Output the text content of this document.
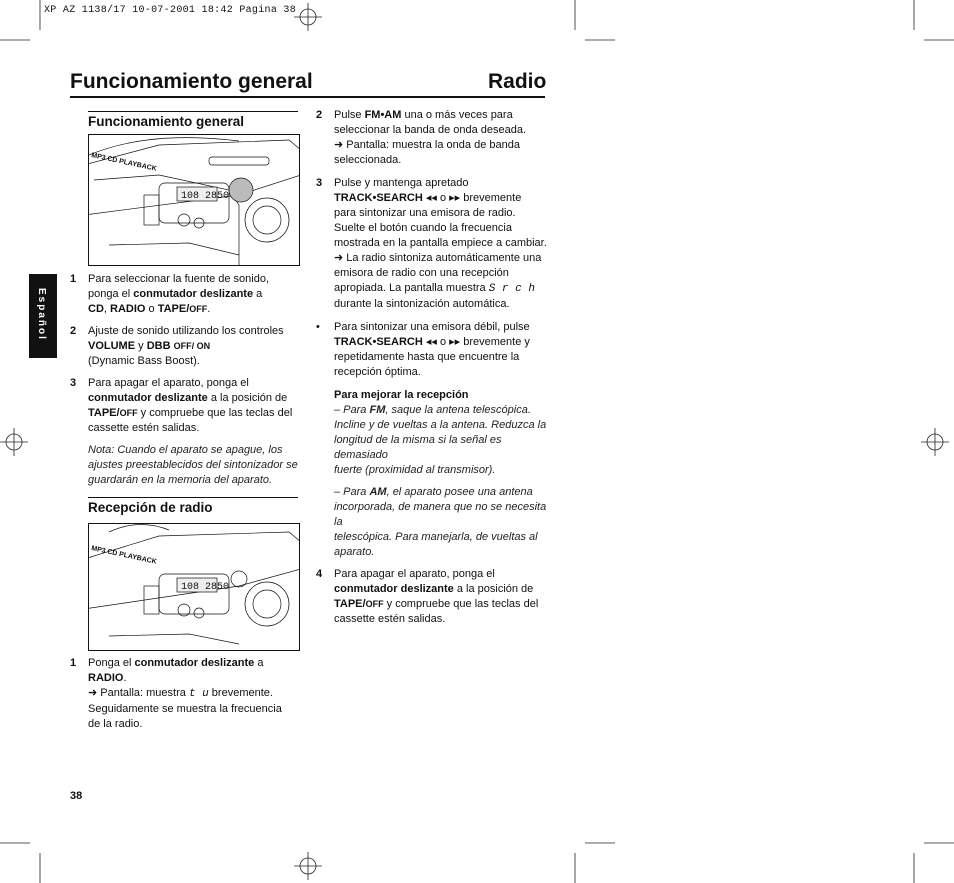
XP AZ 1138/17 10-07-2001 18:42 Pagina 38
Funcionamiento general	Radio
Español
Funcionamiento general
108 2850
MP3 CD PLAYBACK
1 Para seleccionar la fuente de sonido,
ponga el conmutador deslizante a
CD, RADIO o TAPE/OFF.
2 Ajuste de sonido utilizando los controles
VOLUME y DBB OFF/ ON
(Dynamic Bass Boost).
3 Para apagar el aparato, ponga el
conmutador deslizante a la posición de
TAPE/OFF y compruebe que las teclas del
cassette estén salidas.
Nota: Cuando el aparato se apague, los
ajustes preestablecidos del sintonizador se
guardarán en la memoria del aparato.
Recepción de radio
108 2850
MP3 CD PLAYBACK
1 Ponga el conmutador deslizante a
RADIO.
➜ Pantalla: muestra t u brevemente.
Seguidamente se muestra la frecuencia
de la radio.
38
2 Pulse FM•AM una o más veces para
seleccionar la banda de onda deseada.
➜ Pantalla: muestra la onda de banda
seleccionada.
3 Pulse y mantenga apretado
TRACK•SEARCH ◂◂ o ▸▸ brevemente
para sintonizar una emisora de radio.
Suelte el botón cuando la frecuencia
mostrada en la pantalla empiece a cambiar.
➜ La radio sintoniza automáticamente una
emisora de radio con una recepción
apropiada. La pantalla muestra S r c h
durante la sintonización automática.
• Para sintonizar una emisora débil, pulse
TRACK•SEARCH ◂◂ o ▸▸ brevemente y
repetidamente hasta que encuentre la
recepción óptima.
Para mejorar la recepción
– Para FM, saque la antena telescópica.
Incline y de vueltas a la antena. Reduzca la
longitud de la misma si la señal es demasiado
fuerte (proximidad al transmisor).
– Para AM, el aparato posee una antena
incorporada, de manera que no se necesita la
telescópica. Para manejarla, de vueltas al
aparato.
4 Para apagar el aparato, ponga el
conmutador deslizante a la posición de
TAPE/OFF y compruebe que las teclas del
cassette estén salidas.
